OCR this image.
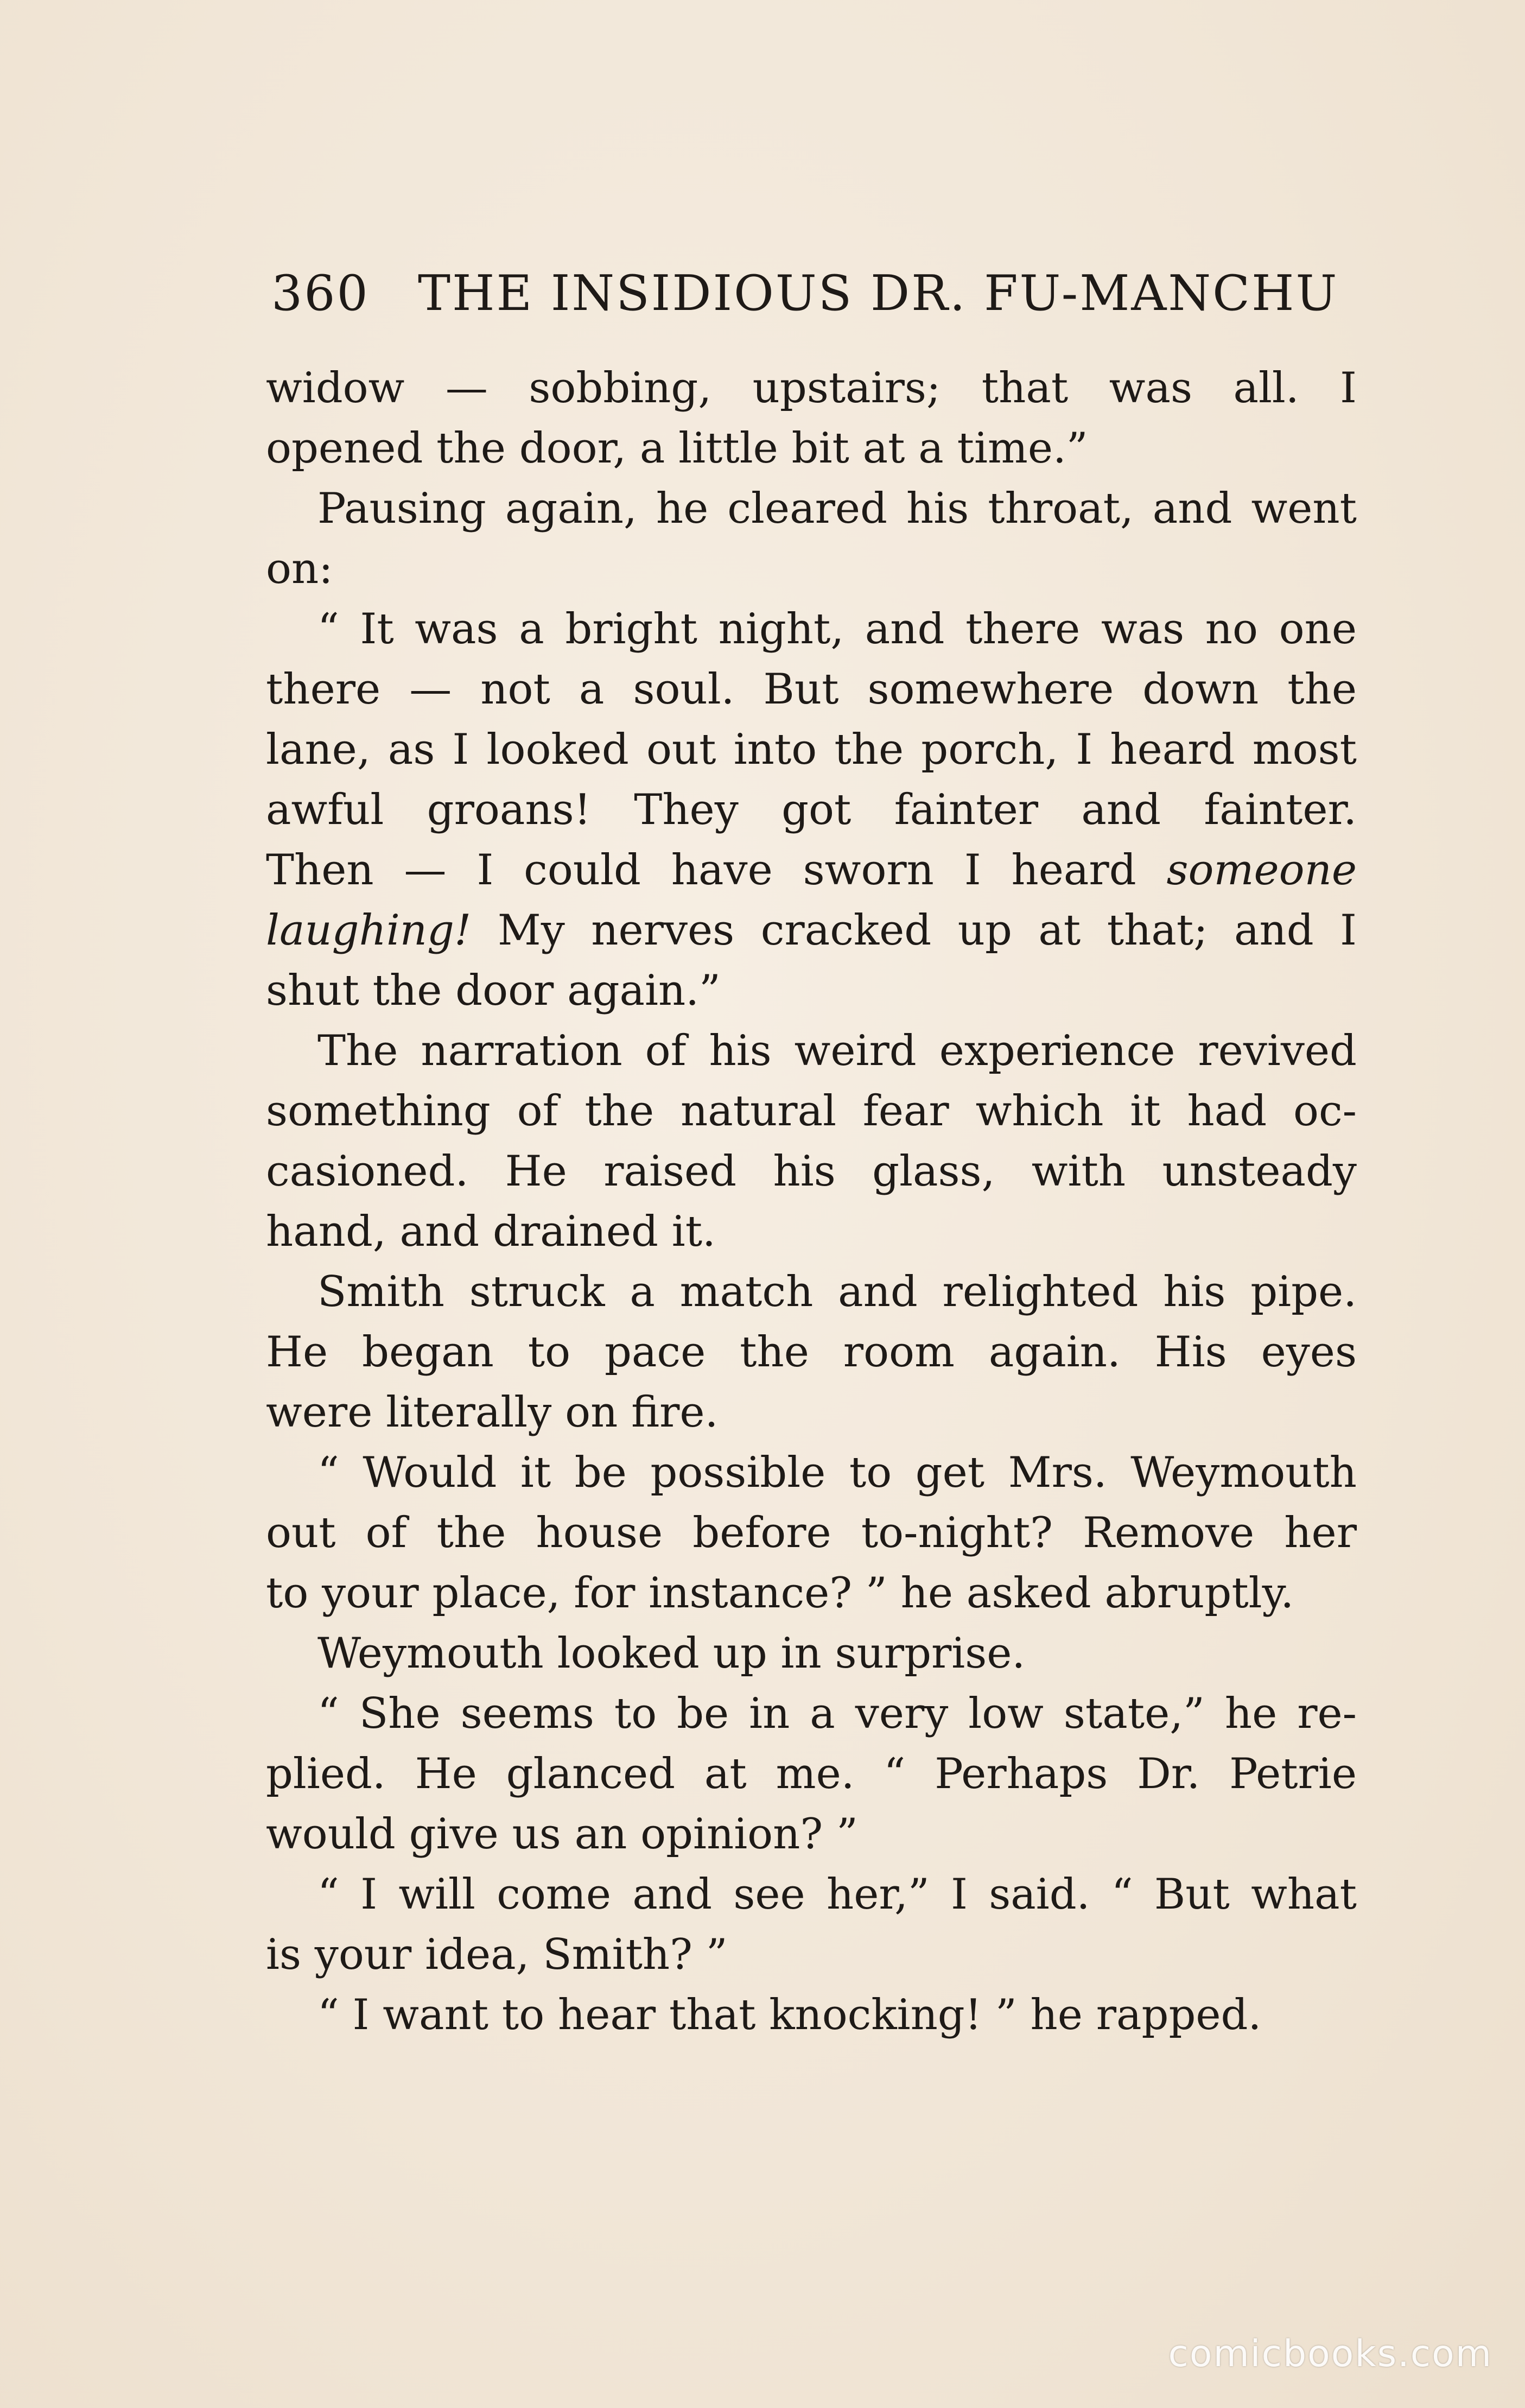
360 THE INSIDIOUS DR. FU-MANCHU
widow — sobbing, upstairs; that was all. I
opened the door, a little bit at a time.”
Pausing again, he cleared his throat, and went
on:
“ It was a bright night, and there was no one
there — not a soul. But somewhere down the
lane, as I looked out into the porch, I heard most
awful groans! They got fainter and fainter.
Then — I could have sworn I heard someone
laughing! My nerves cracked up at that; and I
shut the door again.”
The narration of his weird experience revived
something of the natural fear which it had oc-
casioned. He raised his glass, with unsteady
hand, and drained it.
Smith struck a match and relighted his pipe.
He began to pace the room again. His eyes
were literally on fire.
“ Would it be possible to get Mrs. Weymouth
out of the house before to-night? Remove her
to your place, for instance? ” he asked abruptly.
Weymouth looked up in surprise.
“ She seems to be in a very low state,” he re-
plied. He glanced at me. “ Perhaps Dr. Petrie
would give us an opinion? ”
“ I will come and see her,” I said. “ But what
is your idea, Smith? ”
“ I want to hear that knocking! ” he rapped.
comicbooks.com
